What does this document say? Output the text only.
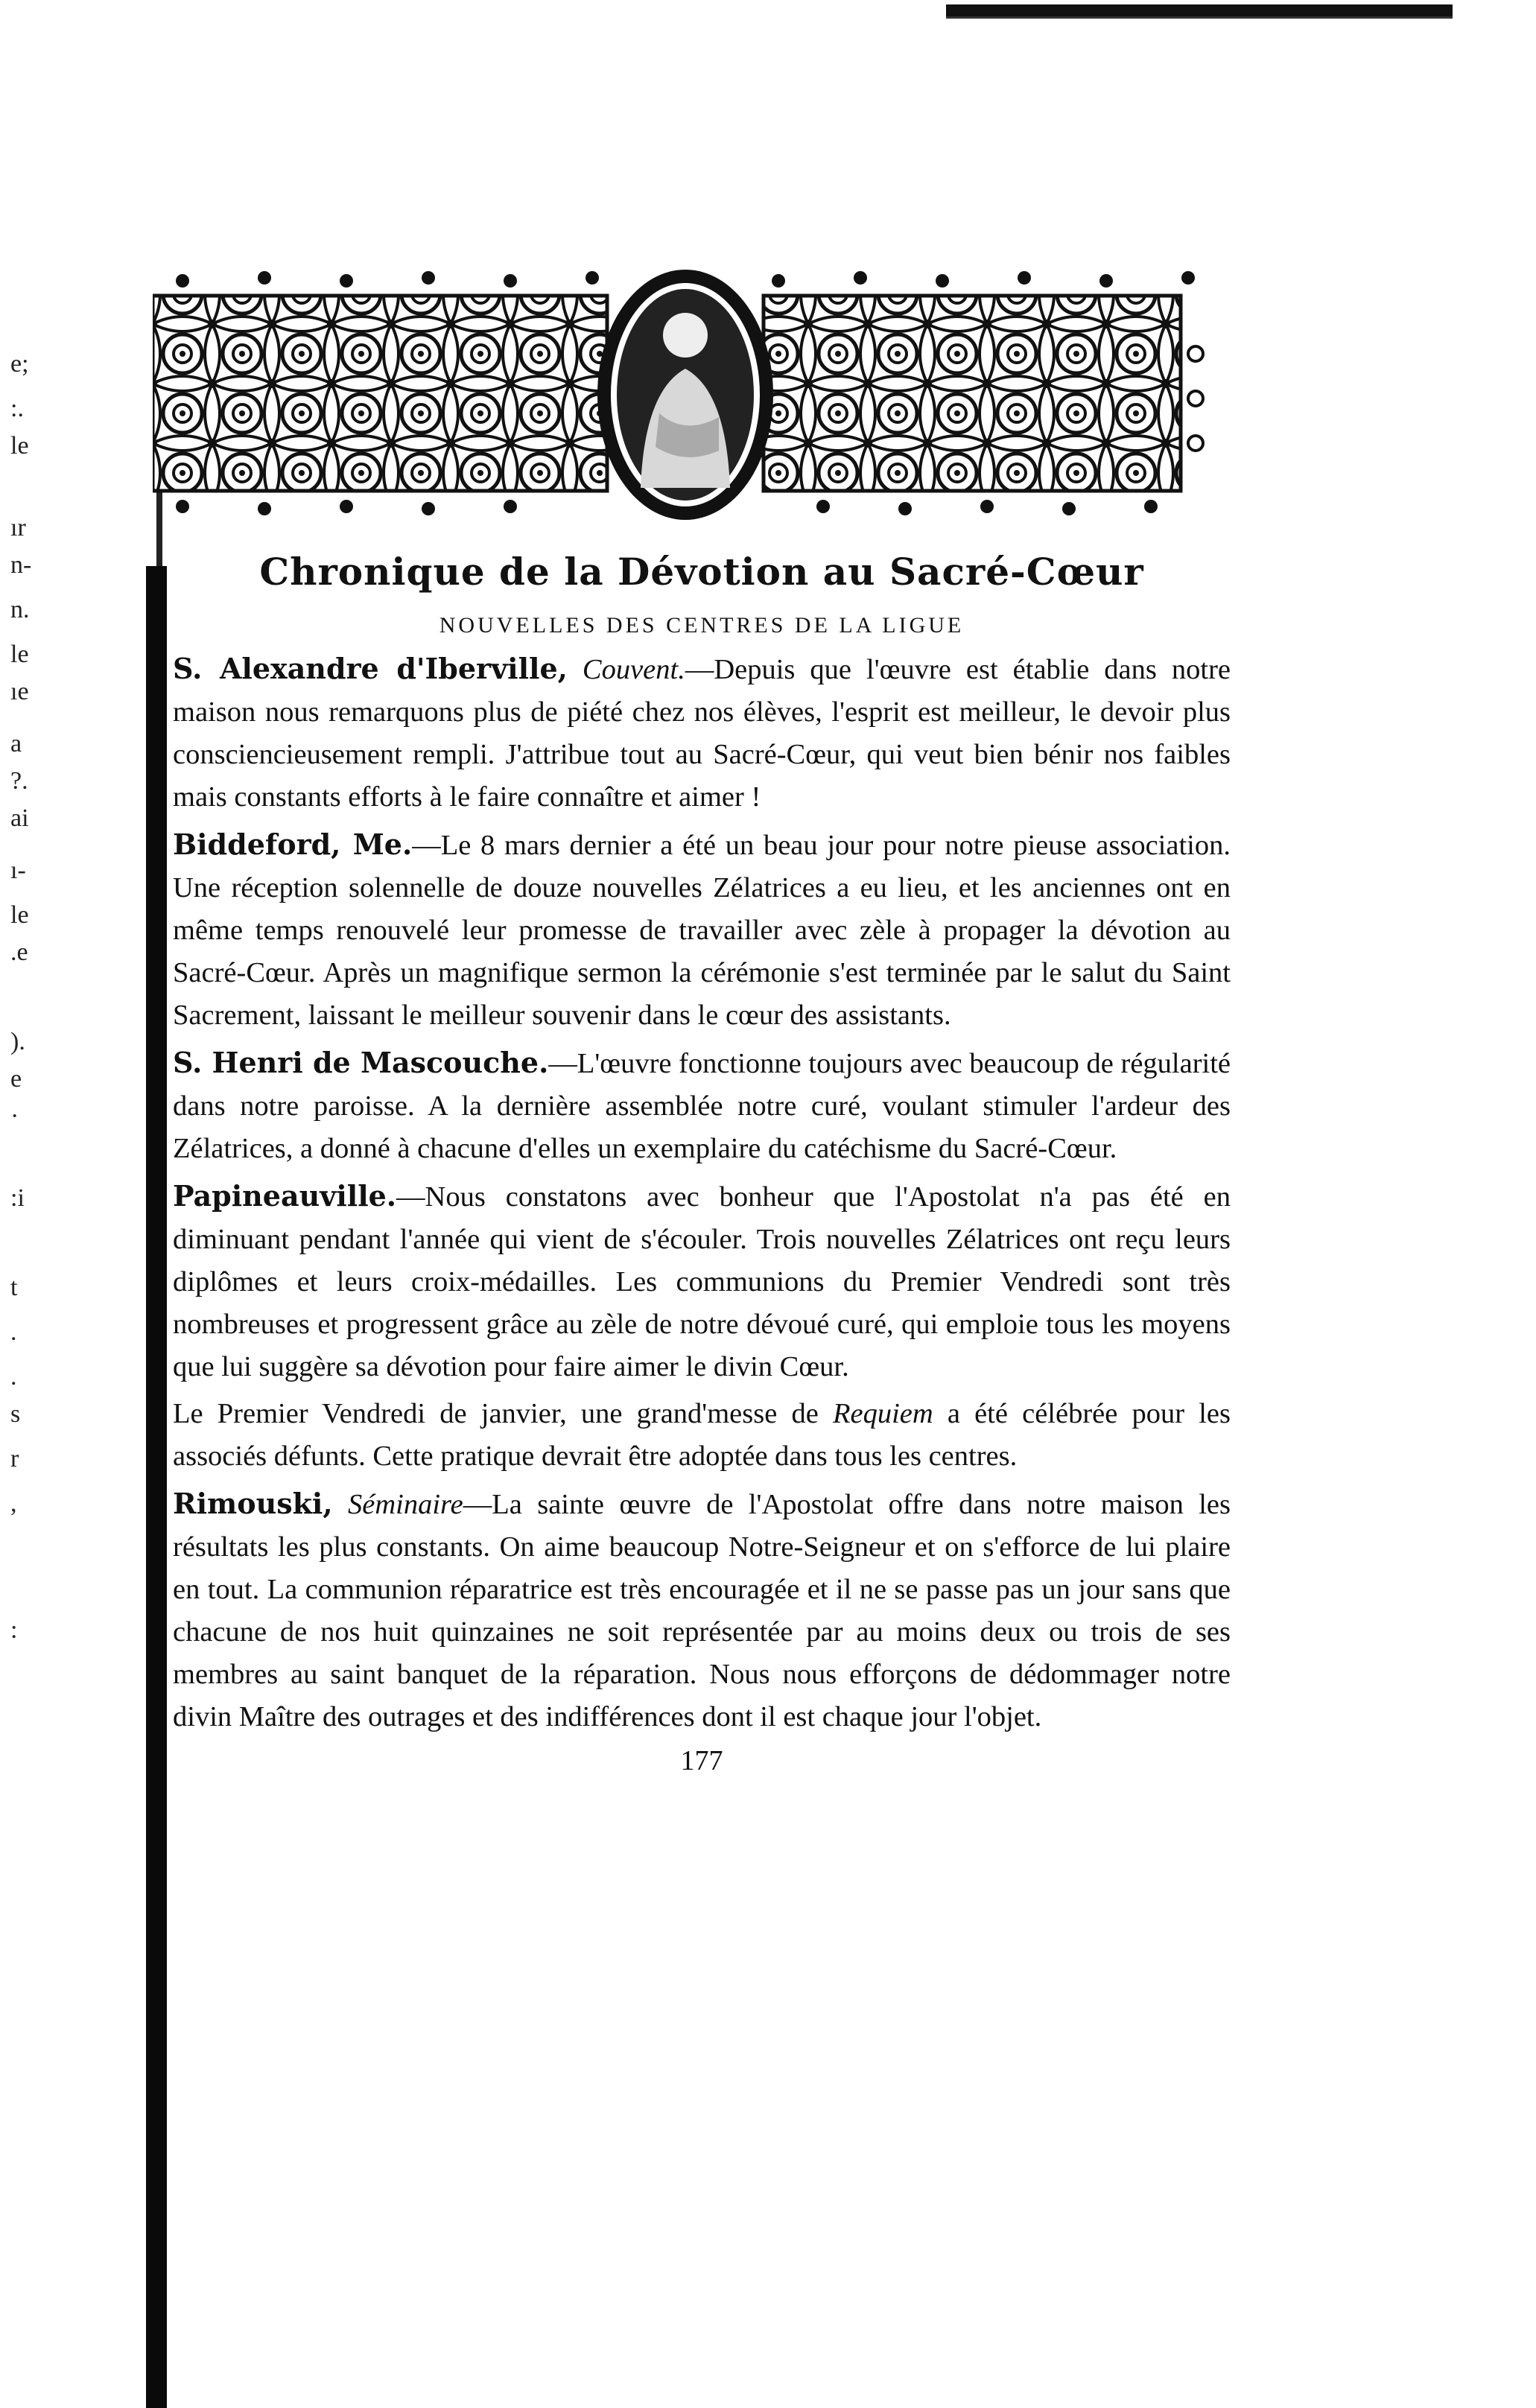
e;
:.
le
ır
n-
n.
le
ıe
a
?.
ai
ı-
le
.e
).
e
·
:i
t
.
.
s
r
,
:
Chronique de la Dévotion au Sacré-Cœur
NOUVELLES DES CENTRES DE LA LIGUE

S. Alexandre d'Iberville, Couvent.—Depuis que l'œuvre est établie dans notre maison nous remarquons plus de piété chez nos élèves, l'esprit est meilleur, le devoir plus consciencieusement rempli. J'attribue tout au Sacré-Cœur, qui veut bien bénir nos faibles mais constants efforts à le faire connaître et aimer !

Biddeford, Me.—Le 8 mars dernier a été un beau jour pour notre pieuse association. Une réception solennelle de douze nouvelles Zélatrices a eu lieu, et les anciennes ont en même temps renouvelé leur promesse de travailler avec zèle à propager la dévotion au Sacré-Cœur. Après un magnifique sermon la cérémonie s'est terminée par le salut du Saint Sacrement, laissant le meilleur souvenir dans le cœur des assistants.

S. Henri de Mascouche.—L'œuvre fonctionne toujours avec beaucoup de régularité dans notre paroisse. A la dernière assemblée notre curé, voulant stimuler l'ardeur des Zélatrices, a donné à chacune d'elles un exemplaire du catéchisme du Sacré-Cœur.

Papineauville.—Nous constatons avec bonheur que l'Apostolat n'a pas été en diminuant pendant l'année qui vient de s'écouler. Trois nouvelles Zélatrices ont reçu leurs diplômes et leurs croix-médailles. Les communions du Premier Vendredi sont très nombreuses et progressent grâce au zèle de notre dévoué curé, qui emploie tous les moyens que lui suggère sa dévotion pour faire aimer le divin Cœur.

Le Premier Vendredi de janvier, une grand'messe de Requiem a été célébrée pour les associés défunts. Cette pratique devrait être adoptée dans tous les centres.

Rimouski, Séminaire—La sainte œuvre de l'Apostolat offre dans notre maison les résultats les plus constants. On aime beaucoup Notre-Seigneur et on s'efforce de lui plaire en tout. La communion réparatrice est très encouragée et il ne se passe pas un jour sans que chacune de nos huit quinzaines ne soit représentée par au moins deux ou trois de ses membres au saint banquet de la réparation. Nous nous efforçons de dédommager notre divin Maître des outrages et des indifférences dont il est chaque jour l'objet.

177
